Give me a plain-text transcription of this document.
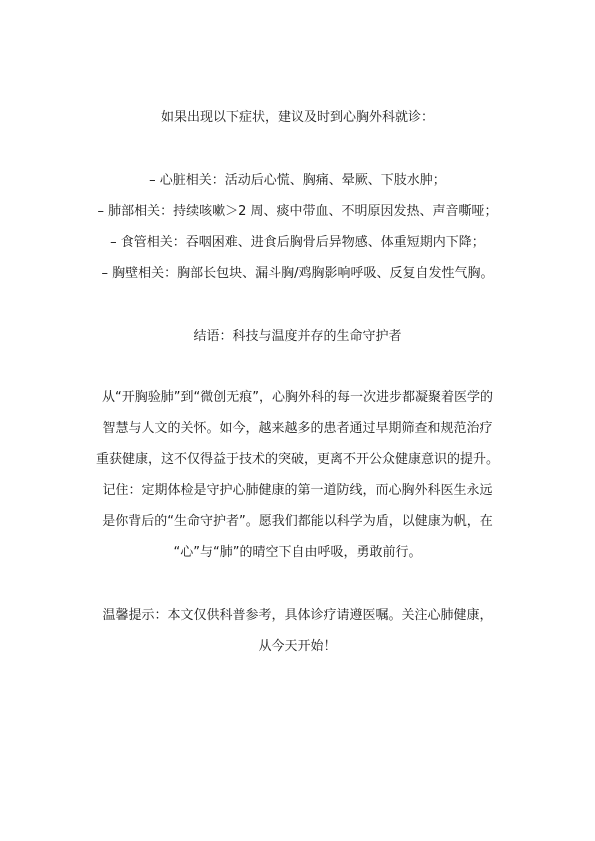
如果出现以下症状，建议及时到心胸外科就诊：
– 心脏相关：活动后心慌、胸痛、晕厥、下肢水肿；
– 肺部相关：持续咳嗽＞2 周、痰中带血、不明原因发热、声音嘶哑；
– 食管相关：吞咽困难、进食后胸骨后异物感、体重短期内下降；
– 胸壁相关：胸部长包块、漏斗胸/鸡胸影响呼吸、反复自发性气胸。
结语：科技与温度并存的生命守护者
从“开胸验肺”到“微创无痕”，心胸外科的每一次进步都凝聚着医学的
智慧与人文的关怀。如今，越来越多的患者通过早期筛查和规范治疗
重获健康，这不仅得益于技术的突破，更离不开公众健康意识的提升。
记住：定期体检是守护心肺健康的第一道防线，而心胸外科医生永远
是你背后的“生命守护者”。愿我们都能以科学为盾，以健康为帆，在
“心”与“肺”的晴空下自由呼吸，勇敢前行。
温馨提示：本文仅供科普参考，具体诊疗请遵医嘱。关注心肺健康，
从今天开始！
